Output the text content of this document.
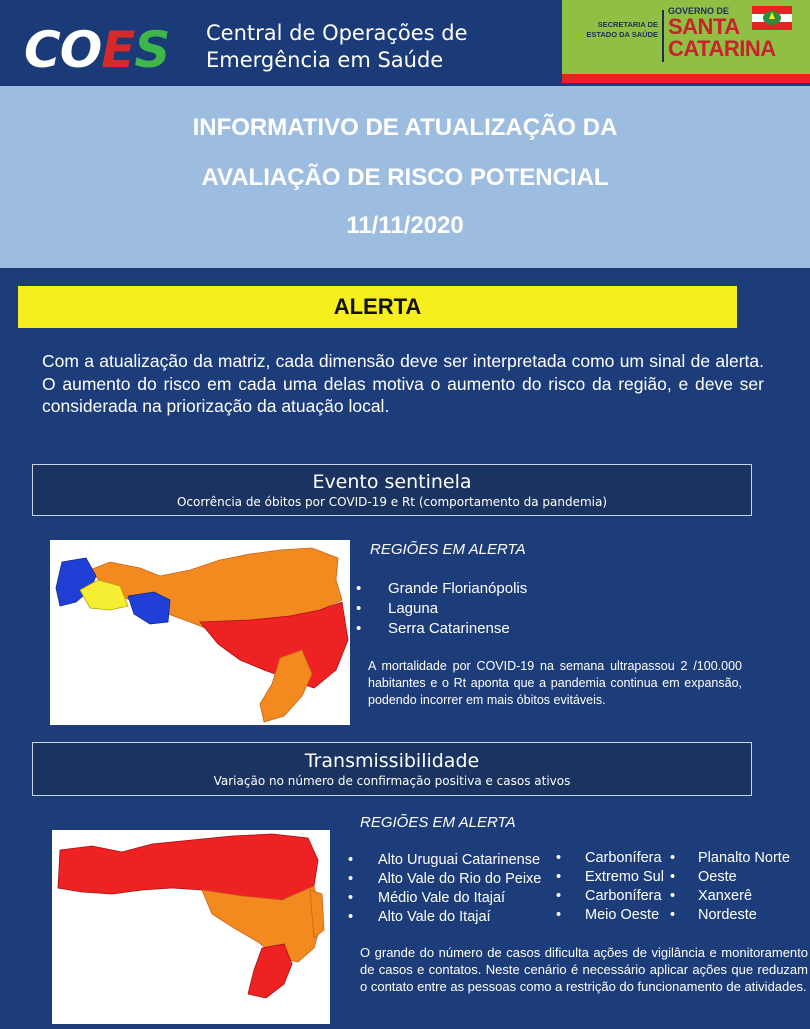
COES Central de Operações de
Emergência em Saúde
SECRETARIA DE ESTADO DA SAÚDE
GOVERNO DE
SANTA
CATARINA
INFORMATIVO DE ATUALIZAÇÃO DA
AVALIAÇÃO DE RISCO POTENCIAL
11/11/2020
ALERTA
Com a atualização da matriz, cada dimensão deve ser interpretada como um sinal de alerta. O aumento do risco em cada uma delas motiva o aumento do risco da região, e deve ser considerada na priorização da atuação local.
Evento sentinela
Ocorrência de óbitos por COVID-19 e Rt (comportamento da pandemia)
REGIÕES EM ALERTA
• Grande Florianópolis
• Laguna
• Serra Catarinense
A mortalidade por COVID-19 na semana ultrapassou 2 /100.000 habitantes e o Rt aponta que a pandemia continua em expansão, podendo incorrer em mais óbitos evitáveis.
Transmissibilidade
Variação no número de confirmação positiva e casos ativos
REGIÕES EM ALERTA
• Alto Uruguai Catarinense
• Alto Vale do Rio do Peixe
• Médio Vale do Itajaí
• Alto Vale do Itajaí
• Carbonífera
• Extremo Sul
• Carbonífera
• Meio Oeste
• Planalto Norte
• Oeste
• Xanxerê
• Nordeste
O grande do número de casos dificulta ações de vigilância e monitoramento de casos e contatos. Neste cenário é necessário aplicar ações que reduzam o contato entre as pessoas como a restrição do funcionamento de atividades.
